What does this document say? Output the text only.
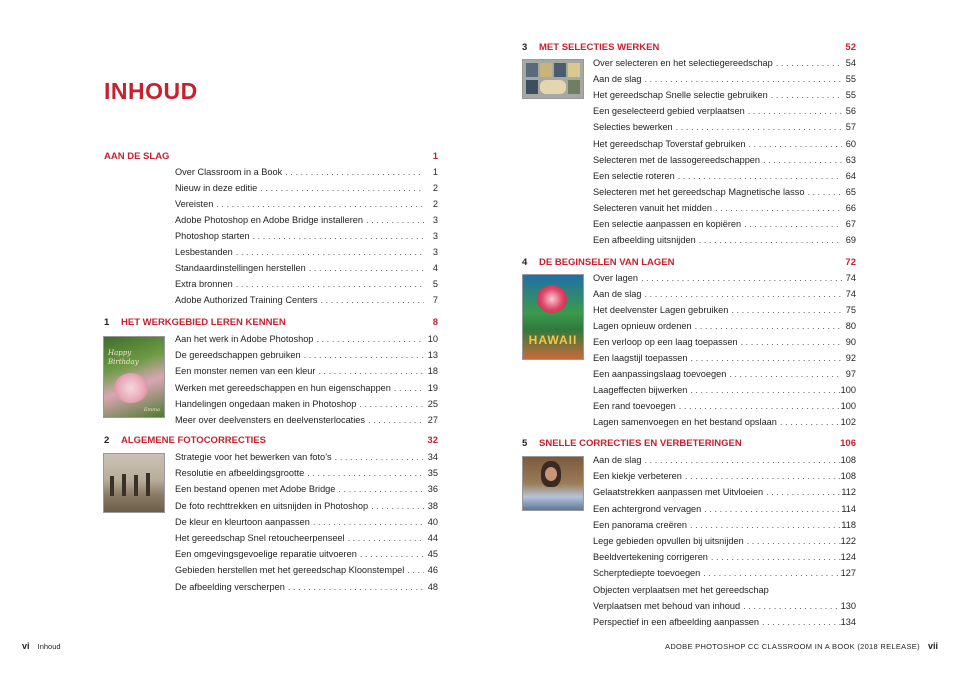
INHOUD
AAN DE SLAG	1
Over Classroom in a Book . . .	1
Nieuw in deze editie . . .	2
Vereisten . . .	2
Adobe Photoshop en Adobe Bridge installeren . . .	3
Photoshop starten . . .	3
Lesbestanden . . .	3
Standaardinstellingen herstellen . . .	4
Extra bronnen . . .	5
Adobe Authorized Training Centers . . .	7
1 HET WERKGEBIED LEREN KENNEN	8
Happy
Birthday
Emma
Aan het werk in Adobe Photoshop . . .	10
De gereedschappen gebruiken . . .	13
Een monster nemen van een kleur . . .	18
Werken met gereedschappen en hun eigenschappen . . .	19
Handelingen ongedaan maken in Photoshop . . .	25
Meer over deelvensters en deelvensterlocaties . . .	27
2 ALGEMENE FOTOCORRECTIES	32
Strategie voor het bewerken van foto’s . . .	34
Resolutie en afbeeldingsgrootte . . .	35
Een bestand openen met Adobe Bridge . . .	36
De foto rechttrekken en uitsnijden in Photoshop . . .	38
De kleur en kleurtoon aanpassen . . .	40
Het gereedschap Snel retoucheerpenseel . . .	44
Een omgevingsgevoelige reparatie uitvoeren . . .	45
Gebieden herstellen met het gereedschap Kloonstempel . . .	46
De afbeelding verscherpen . . .	48
vi Inhoud
3 MET SELECTIES WERKEN	52
Over selecteren en het selectiegereedschap . . .	54
Aan de slag . . .	55
Het gereedschap Snelle selectie gebruiken . . .	55
Een geselecteerd gebied verplaatsen . . .	56
Selecties bewerken . . .	57
Het gereedschap Toverstaf gebruiken . . .	60
Selecteren met de lassogereedschappen . . .	63
Een selectie roteren . . .	64
Selecteren met het gereedschap Magnetische lasso . . .	65
Selecteren vanuit het midden . . .	66
Een selectie aanpassen en kopiëren . . .	67
Een afbeelding uitsnijden . . .	69
4 DE BEGINSELEN VAN LAGEN	72
HAWAII
Over lagen . . .	74
Aan de slag . . .	74
Het deelvenster Lagen gebruiken . . .	75
Lagen opnieuw ordenen . . .	80
Een verloop op een laag toepassen . . .	90
Een laagstijl toepassen . . .	92
Een aanpassingslaag toevoegen . . .	97
Laageffecten bijwerken . . .	100
Een rand toevoegen . . .	100
Lagen samenvoegen en het bestand opslaan . . .	102
5 SNELLE CORRECTIES EN VERBETERINGEN	106
Aan de slag . . .	108
Een kiekje verbeteren . . .	108
Gelaatstrekken aanpassen met Uitvloeien . . .	112
Een achtergrond vervagen . . .	114
Een panorama creëren . . .	118
Lege gebieden opvullen bij uitsnijden . . .	122
Beeldvertekening corrigeren . . .	124
Scherptediepte toevoegen . . .	127
Objecten verplaatsen met het gereedschap
Verplaatsen met behoud van inhoud . . .	130
Perspectief in een afbeelding aanpassen . . .	134
ADOBE PHOTOSHOP CC CLASSROOM IN A BOOK (2018 RELEASE) vii
